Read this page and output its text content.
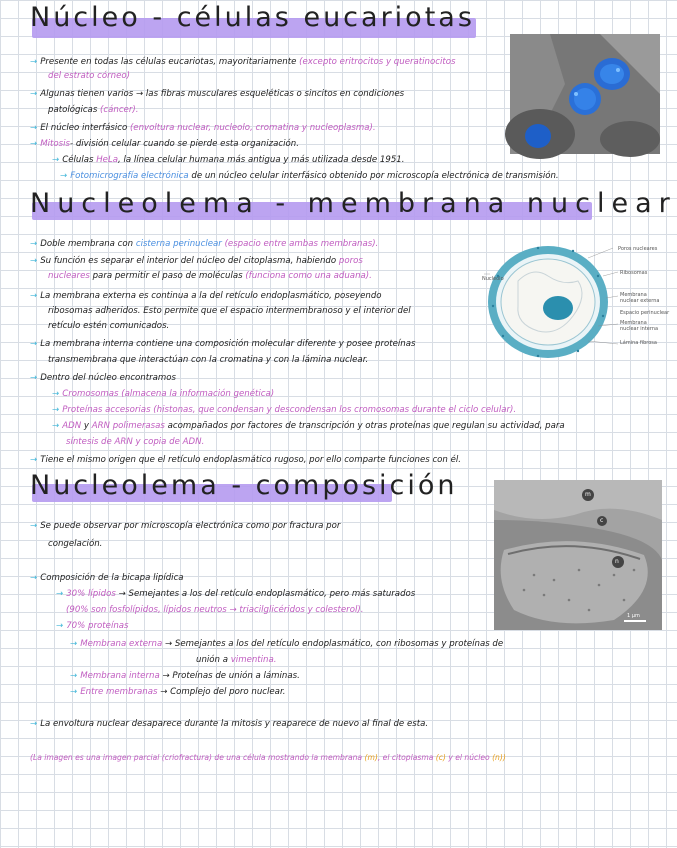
Núcleo - células eucariotas
→ Presente en todas las células eucariotas, mayoritariamente (excepto eritrocitos y queratinocitos
del estrato córneo)
→ Algunas tienen varios → las fibras musculares esqueléticas o sincitos en condiciones
patológicas (cáncer).
→ El núcleo interfásico (envoltura nuclear, nucleolo, cromatina y nucleoplasma).
→ Mitosis- división celular cuando se pierde esta organización.
→ Células HeLa, la línea celular humana más antigua y más utilizada desde 1951.
→ Fotomicrografía electrónica de un núcleo celular interfásico obtenido por microscopía electrónica de transmisión.
Nucleolema - membrana nuclear
→ Doble membrana con cisterna perinuclear (espacio entre ambas membranas).
→ Su función es separar el interior del núcleo del citoplasma, habiendo poros
nucleares para permitir el paso de moléculas (funciona como una aduana).
→ La membrana externa es continua a la del retículo endoplasmático, poseyendo
ribosomas adheridos. Esto permite que el espacio intermembranoso y el interior del
retículo estén comunicados.
→ La membrana interna contiene una composición molecular diferente y posee proteínas
transmembrana que interactúan con la cromatina y con la lámina nuclear.
→ Dentro del núcleo encontramos
→ Cromosomas (almacena la información genética)
→ Proteínas accesorias (histonas, que condensan y descondensan los cromosomas durante el ciclo celular).
→ ADN y ARN polimerasas acompañados por factores de transcripción y otras proteínas que regulan su actividad, para
síntesis de ARN y copia de ADN.
→ Tiene el mismo origen que el retículo endoplasmático rugoso, por ello comparte funciones con él.
Poros nucleares
Ribosomas
Membrana nuclear externa
Espacio perinuclear
Membrana nuclear interna
Lámina fibrosa
Nucléolo
Nucleolema - composición
→ Se puede observar por microscopía electrónica como por fractura por
congelación.
→ Composición de la bicapa lipídica
→ 30% lípidos → Semejantes a los del retículo endoplasmático, pero más saturados
(90% son fosfolípidos, lípidos neutros → triacilglicéridos y colesterol).
→ 70% proteínas
→ Membrana externa → Semejantes a los del retículo endoplasmático, con ribosomas y proteínas de
unión a vimentina.
→ Membrana interna → Proteínas de unión a láminas.
→ Entre membranas → Complejo del poro nuclear.
→ La envoltura nuclear desaparece durante la mitosis y reaparece de nuevo al final de esta.
(La imagen es una imagen parcial (criofractura) de una célula mostrando la membrana (m), el citoplasma (c) y el núcleo (n))
m
c
n
1 μm
